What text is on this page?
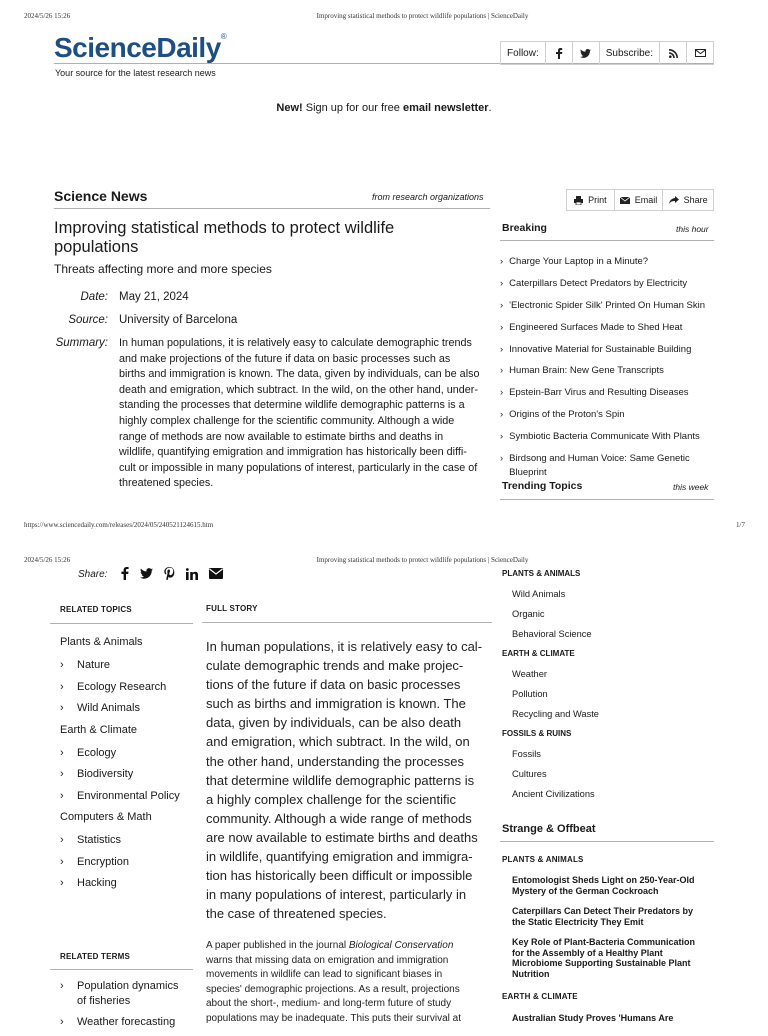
2024/5/26 15:26	Improving statistical methods to protect wildlife populations | ScienceDaily
ScienceDaily®
Your source for the latest research news
Follow:	Subscribe:
New! Sign up for our free email newsletter.
Science News	from research organizations	Print	Email	Share
Improving statistical methods to protect wildlife
populations
Threats affecting more and more species
Date: May 21, 2024
Source: University of Barcelona
Summary: In human populations, it is relatively easy to calculate demographic trends
and make projections of the future if data on basic processes such as
births and immigration is known. The data, given by individuals, can be also
death and emigration, which subtract. In the wild, on the other hand, under-
standing the processes that determine wildlife demographic patterns is a
highly complex challenge for the scientific community. Although a wide
range of methods are now available to estimate births and deaths in
wildlife, quantifying emigration and immigration has historically been diffi-
cult or impossible in many populations of interest, particularly in the case of
threatened species.
Breaking	this hour
› Charge Your Laptop in a Minute?
› Caterpillars Detect Predators by Electricity
› 'Electronic Spider Silk' Printed On Human Skin
› Engineered Surfaces Made to Shed Heat
› Innovative Material for Sustainable Building
› Human Brain: New Gene Transcripts
› Epstein-Barr Virus and Resulting Diseases
› Origins of the Proton's Spin
› Symbiotic Bacteria Communicate With Plants
› Birdsong and Human Voice: Same Genetic
Blueprint
Trending Topics	this week
https://www.sciencedaily.com/releases/2024/05/240521124615.htm	1/7
2024/5/26 15:26	Improving statistical methods to protect wildlife populations | ScienceDaily
Share:
RELATED TOPICS
Plants & Animals
›	Nature
›	Ecology Research
›	Wild Animals
Earth & Climate
›	Ecology
›	Biodiversity
›	Environmental Policy
Computers & Math
›	Statistics
›	Encryption
›	Hacking
RELATED TERMS
›	Population dynamics
of fisheries
›	Weather forecasting
FULL STORY
In human populations, it is relatively easy to cal-
culate demographic trends and make projec-
tions of the future if data on basic processes
such as births and immigration is known. The
data, given by individuals, can be also death
and emigration, which subtract. In the wild, on
the other hand, understanding the processes
that determine wildlife demographic patterns is
a highly complex challenge for the scientific
community. Although a wide range of methods
are now available to estimate births and deaths
in wildlife, quantifying emigration and immigra-
tion has historically been difficult or impossible
in many populations of interest, particularly in
the case of threatened species.
A paper published in the journal Biological Conservation
warns that missing data on emigration and immigration
movements in wildlife can lead to significant biases in
species' demographic projections. As a result, projections
about the short-, medium- and long-term future of study
populations may be inadequate. This puts their survival at
PLANTS & ANIMALS
Wild Animals
Organic
Behavioral Science
EARTH & CLIMATE
Weather
Pollution
Recycling and Waste
FOSSILS & RUINS
Fossils
Cultures
Ancient Civilizations
Strange & Offbeat
PLANTS & ANIMALS
Entomologist Sheds Light on 250-Year-Old
Mystery of the German Cockroach
Caterpillars Can Detect Their Predators by
the Static Electricity They Emit
Key Role of Plant-Bacteria Communication
for the Assembly of a Healthy Plant
Microbiome Supporting Sustainable Plant
Nutrition
EARTH & CLIMATE
Australian Study Proves 'Humans Are
